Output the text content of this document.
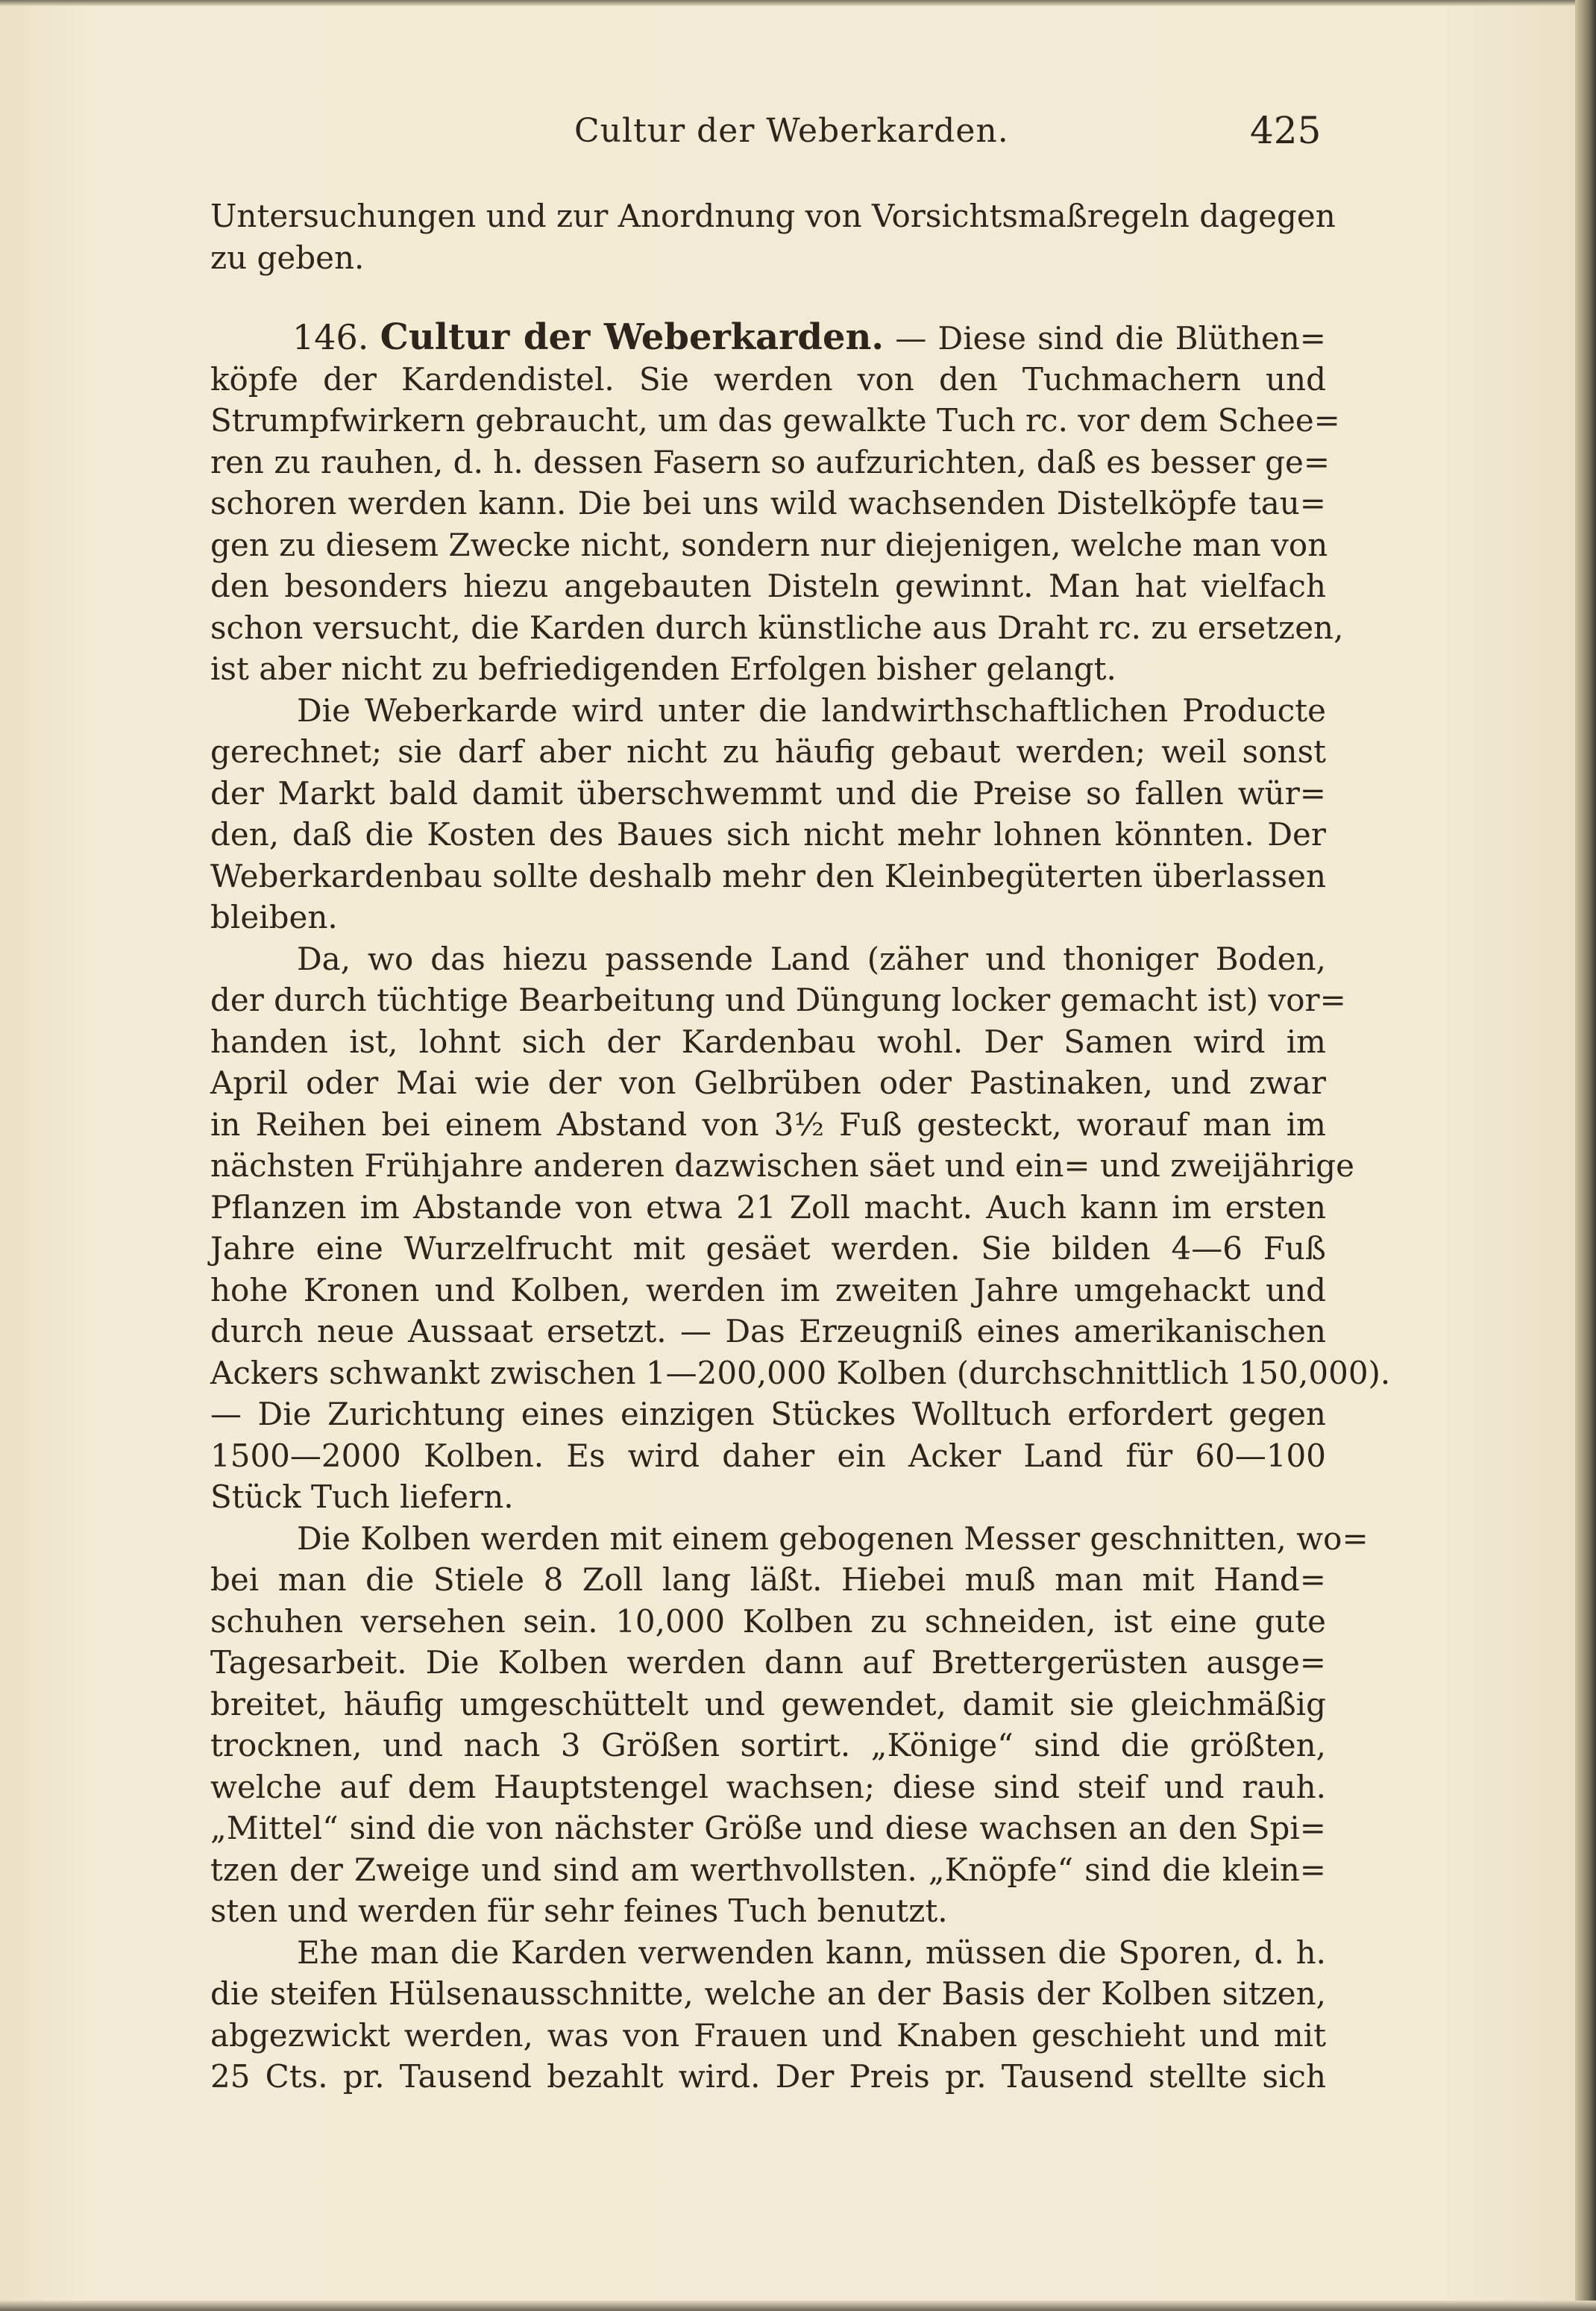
Cultur der Weberkarden.	425
Untersuchungen und zur Anordnung von Vorsichtsmaßregeln dagegen
zu geben.
146. Cultur der Weberkarden. — Diese sind die Blüthen=
köpfe der Kardendistel. Sie werden von den Tuchmachern und
Strumpfwirkern gebraucht, um das gewalkte Tuch rc. vor dem Schee=
ren zu rauhen, d. h. dessen Fasern so aufzurichten, daß es besser ge=
schoren werden kann. Die bei uns wild wachsenden Distelköpfe tau=
gen zu diesem Zwecke nicht, sondern nur diejenigen, welche man von
den besonders hiezu angebauten Disteln gewinnt. Man hat vielfach
schon versucht, die Karden durch künstliche aus Draht rc. zu ersetzen,
ist aber nicht zu befriedigenden Erfolgen bisher gelangt.
Die Weberkarde wird unter die landwirthschaftlichen Producte
gerechnet; sie darf aber nicht zu häufig gebaut werden; weil sonst
der Markt bald damit überschwemmt und die Preise so fallen wür=
den, daß die Kosten des Baues sich nicht mehr lohnen könnten. Der
Weberkardenbau sollte deshalb mehr den Kleinbegüterten überlassen
bleiben.
Da, wo das hiezu passende Land (zäher und thoniger Boden,
der durch tüchtige Bearbeitung und Düngung locker gemacht ist) vor=
handen ist, lohnt sich der Kardenbau wohl. Der Samen wird im
April oder Mai wie der von Gelbrüben oder Pastinaken, und zwar
in Reihen bei einem Abstand von 3½ Fuß gesteckt, worauf man im
nächsten Frühjahre anderen dazwischen säet und ein= und zweijährige
Pflanzen im Abstande von etwa 21 Zoll macht. Auch kann im ersten
Jahre eine Wurzelfrucht mit gesäet werden. Sie bilden 4—6 Fuß
hohe Kronen und Kolben, werden im zweiten Jahre umgehackt und
durch neue Aussaat ersetzt. — Das Erzeugniß eines amerikanischen
Ackers schwankt zwischen 1—200,000 Kolben (durchschnittlich 150,000).
— Die Zurichtung eines einzigen Stückes Wolltuch erfordert gegen
1500—2000 Kolben. Es wird daher ein Acker Land für 60—100
Stück Tuch liefern.
Die Kolben werden mit einem gebogenen Messer geschnitten, wo=
bei man die Stiele 8 Zoll lang läßt. Hiebei muß man mit Hand=
schuhen versehen sein. 10,000 Kolben zu schneiden, ist eine gute
Tagesarbeit. Die Kolben werden dann auf Brettergerüsten ausge=
breitet, häufig umgeschüttelt und gewendet, damit sie gleichmäßig
trocknen, und nach 3 Größen sortirt. „Könige“ sind die größten,
welche auf dem Hauptstengel wachsen; diese sind steif und rauh.
„Mittel“ sind die von nächster Größe und diese wachsen an den Spi=
tzen der Zweige und sind am werthvollsten. „Knöpfe“ sind die klein=
sten und werden für sehr feines Tuch benutzt.
Ehe man die Karden verwenden kann, müssen die Sporen, d. h.
die steifen Hülsenausschnitte, welche an der Basis der Kolben sitzen,
abgezwickt werden, was von Frauen und Knaben geschieht und mit
25 Cts. pr. Tausend bezahlt wird. Der Preis pr. Tausend stellte sich
